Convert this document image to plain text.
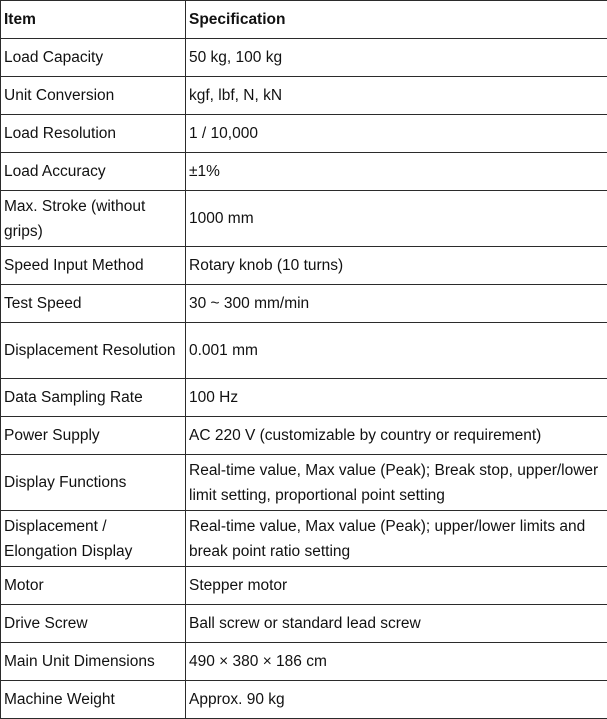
Item	Specification
Load Capacity	50 kg, 100 kg
Unit Conversion	kgf, lbf, N, kN
Load Resolution	1 / 10,000
Load Accuracy	±1%
Max. Stroke (without grips)	1000 mm
Speed Input Method	Rotary knob (10 turns)
Test Speed	30 ~ 300 mm/min
Displacement Resolution	0.001 mm
Data Sampling Rate	100 Hz
Power Supply	AC 220 V (customizable by country or requirement)
Display Functions	Real-time value, Max value (Peak); Break stop, upper/lower limit setting, proportional point setting
Displacement / Elongation Display	Real-time value, Max value (Peak); upper/lower limits and break point ratio setting
Motor	Stepper motor
Drive Screw	Ball screw or standard lead screw
Main Unit Dimensions	490 × 380 × 186 cm
Machine Weight	Approx. 90 kg
